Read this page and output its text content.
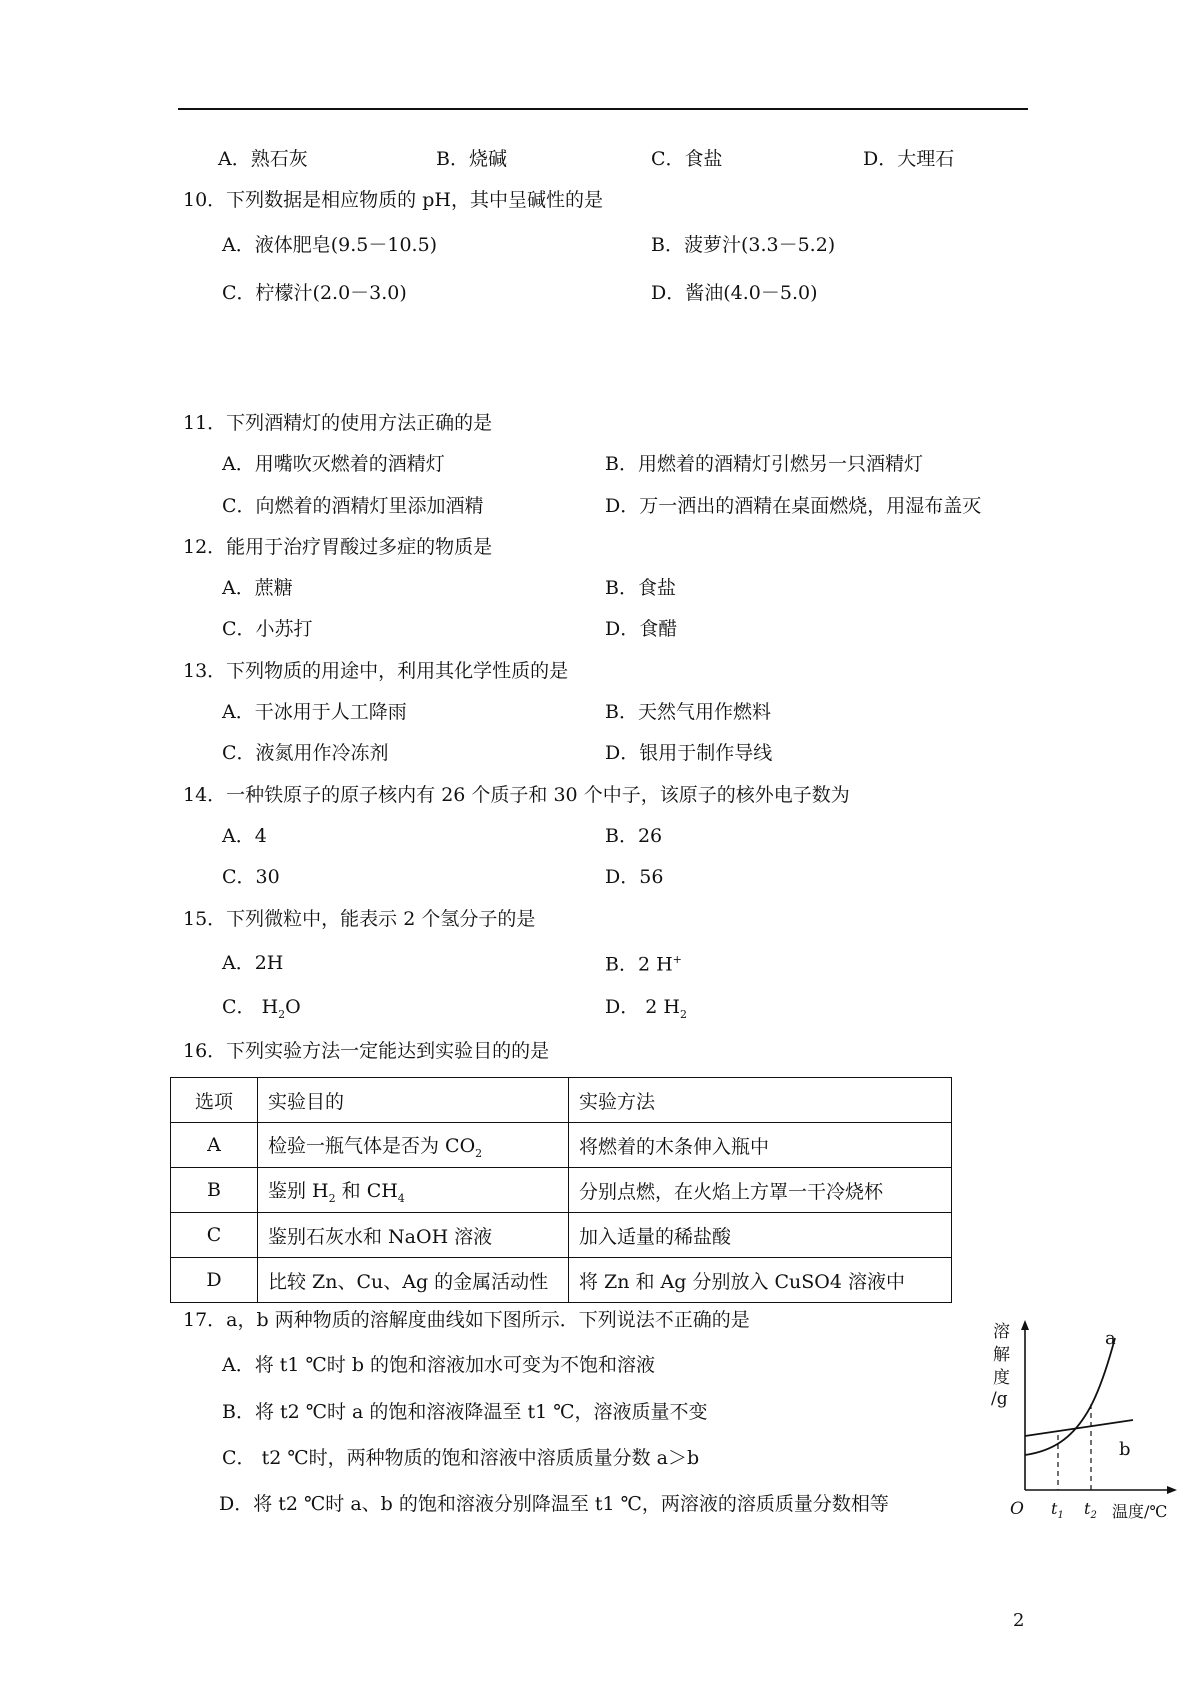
A．熟石灰	B．烧碱	C．食盐	D．大理石
10．下列数据是相应物质的 pH，其中呈碱性的是
A．液体肥皂(9.5－10.5)	B．菠萝汁(3.3－5.2)
C．柠檬汁(2.0－3.0)	D．酱油(4.0－5.0)
11．下列酒精灯的使用方法正确的是
A．用嘴吹灭燃着的酒精灯	B．用燃着的酒精灯引燃另一只酒精灯
C．向燃着的酒精灯里添加酒精	D．万一洒出的酒精在桌面燃烧，用湿布盖灭
12．能用于治疗胃酸过多症的物质是
A．蔗糖	B．食盐
C．小苏打	D．食醋
13．下列物质的用途中，利用其化学性质的是
A．干冰用于人工降雨	B．天然气用作燃料
C．液氮用作冷冻剂	D．银用于制作导线
14．一种铁原子的原子核内有 26 个质子和 30 个中子，该原子的核外电子数为
A．4	B．26
C．30	D．56
15．下列微粒中，能表示 2 个氢分子的是
A．2H	B．2 H+
C． $H_2O$	D． 2 $H_2$
16．下列实验方法一定能达到实验目的的是
选项	实验目的	实验方法
A	检验一瓶气体是否为 $CO_2$	将燃着的木条伸入瓶中
B	鉴别 $H_2$ 和 $CH_4$	分别点燃，在火焰上方罩一干冷烧杯
C	鉴别石灰水和 NaOH 溶液	加入适量的稀盐酸
D	比较 Zn、Cu、Ag 的金属活动性	将 Zn 和 Ag 分别放入 CuSO4 溶液中
17．a，b 两种物质的溶解度曲线如下图所示．下列说法不正确的是
A．将 t1 ℃时 b 的饱和溶液加水可变为不饱和溶液
B．将 t2 ℃时 a 的饱和溶液降温至 t1 ℃，溶液质量不变
C． t2 ℃时，两种物质的饱和溶液中溶质质量分数 a＞b
D．将 t2 ℃时 a、b 的饱和溶液分别降温至 t1 ℃，两溶液的溶质质量分数相等
溶
解
度
/g
a
b
O $t_1$ $t_2$ 温度/℃
2
